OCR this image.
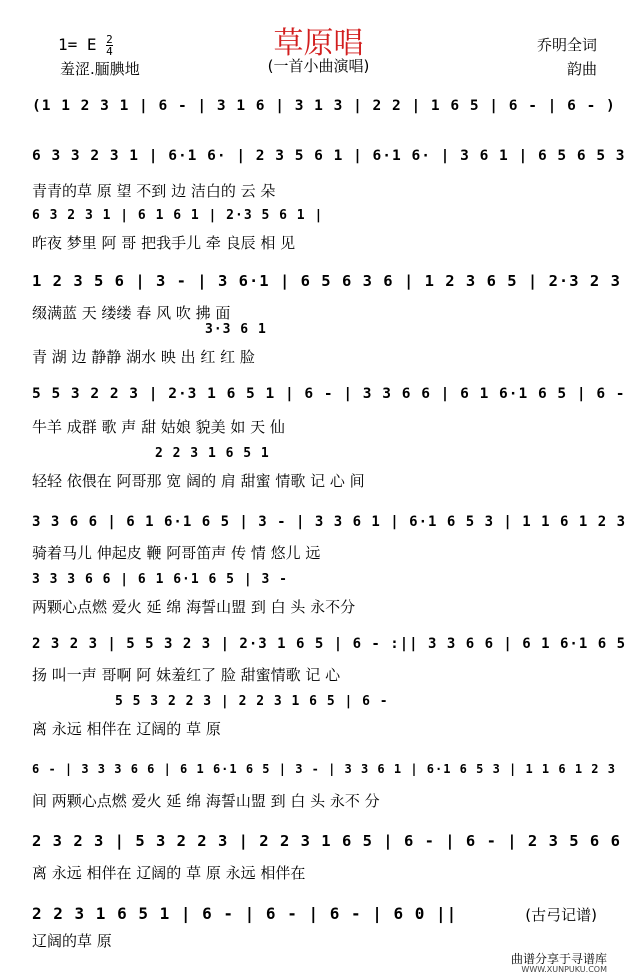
草原唱
(一首小曲演唱)
1= E $\frac{2}{4}$
羞涩.腼腆地
乔明全词
韵曲
(1 1 2 3 1 | 6 - | 3 1 6 | 3 1 3 | 2 2 | 1 6 5 | 6 - | 6 - )
6 3 3 2 3 1 | 6·1 6· | 2 3 5 6 1 | 6·1 6· | 3 6 1 | 6 5 6 5 3
青青的草 原 望 不到 边 洁白的 云 朵
6 3 2 3 1 | 6 1 6 1 | 2·3 5 6 1 |
昨夜 梦里 阿 哥 把我手儿 牵 良辰 相 见
1 2 3 5 6 | 3 - | 3 6·1 | 6 5 6 3 6 | 1 2 3 6 5 | 2·3 2 3
缀满蓝 天 缕缕 春 风 吹 拂 面
3·3 6 1
青 湖 边 静静 湖水 映 出 红 红 脸
5 5 3 2 2 3 | 2·3 1 6 5 1 | 6 - | 3 3 6 6 | 6 1 6·1 6 5 | 6 -
牛羊 成群 歌 声 甜 姑娘 貌美 如 天 仙
2 2 3 1 6 5 1
轻轻 依偎在 阿哥那 宽 阔的 肩 甜蜜 情歌 记 心 间
3 3 6 6 | 6 1 6·1 6 5 | 3 - | 3 3 6 1 | 6·1 6 5 3 | 1 1 6 1 2 3
骑着马儿 伸起皮 鞭 阿哥笛声 传 情 悠儿 远
3 3 3 6 6 | 6 1 6·1 6 5 | 3 -
两颗心点燃 爱火 延 绵 海誓山盟 到 白 头 永不分
2 3 2 3 | 5 5 3 2 3 | 2·3 1 6 5 | 6 - :|| 3 3 6 6 | 6 1 6·1 6 5
扬 叫一声 哥啊 阿 妹羞红了 脸 甜蜜情歌 记 心
5 5 3 2 2 3 | 2 2 3 1 6 5 | 6 -
离 永远 相伴在 辽阔的 草 原
6 - | 3 3 3 6 6 | 6 1 6·1 6 5 | 3 - | 3 3 6 1 | 6·1 6 5 3 | 1 1 6 1 2 3
间 两颗心点燃 爱火 延 绵 海誓山盟 到 白 头 永不 分
2 3 2 3 | 5 3 2 2 3 | 2 2 3 1 6 5 | 6 - | 6 - | 2 3 5 6 6
离 永远 相伴在 辽阔的 草 原 永远 相伴在
2 2 3 1 6 5 1 | 6 - | 6 - | 6 - | 6 0 ||
辽阔的草 原
(古弓记谱)
曲谱分享于寻谱库
WWW.XUNPUKU.COM
